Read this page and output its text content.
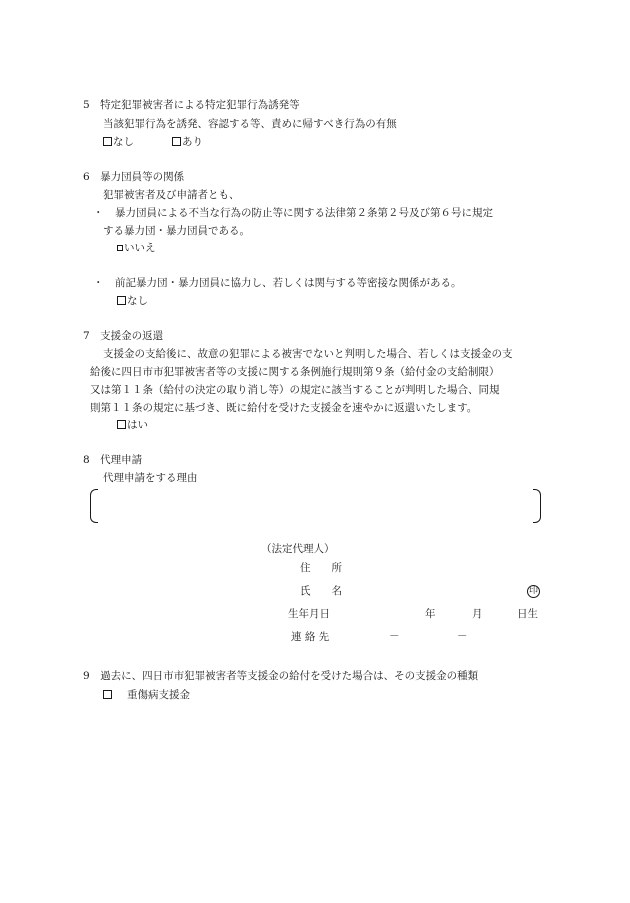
5　特定犯罪被害者による特定犯罪行為誘発等
当該犯罪行為を誘発、容認する等、責めに帰すべき行為の有無
なし	あり
6　暴力団員等の関係
犯罪被害者及び申請者とも、
・ 暴力団員による不当な行為の防止等に関する法律第２条第２号及び第６号に規定
する暴力団・暴力団員である。
いいえ
・ 前記暴力団・暴力団員に協力し、若しくは関与する等密接な関係がある。
なし
7　支援金の返還
支援金の支給後に、故意の犯罪による被害でないと判明した場合、若しくは支援金の支
給後に四日市市犯罪被害者等の支援に関する条例施行規則第９条（給付金の支給制限）
又は第１１条（給付の決定の取り消し等）の規定に該当することが判明した場合、同規
則第１１条の規定に基づき、既に給付を受けた支援金を速やかに返還いたします。
はい
8　代理申請
代理申請をする理由
（法定代理人）
住　　所
氏　　名	印
生年月日	年	月	日生
連 絡 先	－	－
9　過去に、四日市市犯罪被害者等支援金の給付を受けた場合は、その支援金の種類
重傷病支援金
